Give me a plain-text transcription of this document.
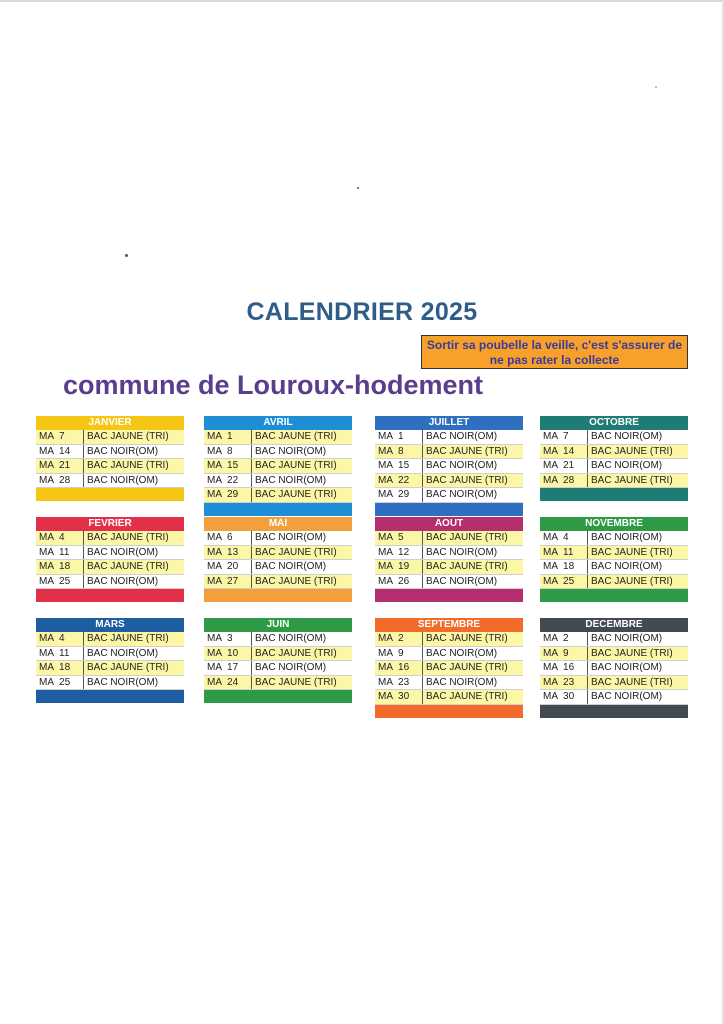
CALENDRIER 2025
Sortir sa poubelle la veille, c'est s'assurer de ne pas rater la collecte
commune de Louroux-hodement
JANVIER
MA  7	BAC JAUNE (TRI)
MA  14	BAC NOIR(OM)
MA  21	BAC JAUNE (TRI)
MA  28	BAC NOIR(OM)
AVRIL
MA  1	BAC JAUNE (TRI)
MA  8	BAC NOIR(OM)
MA  15	BAC JAUNE (TRI)
MA  22	BAC NOIR(OM)
MA  29	BAC JAUNE (TRI)
JUILLET
MA  1	BAC NOIR(OM)
MA  8	BAC JAUNE (TRI)
MA  15	BAC NOIR(OM)
MA  22	BAC JAUNE (TRI)
MA  29	BAC NOIR(OM)
OCTOBRE
MA  7	BAC NOIR(OM)
MA  14	BAC JAUNE (TRI)
MA  21	BAC NOIR(OM)
MA  28	BAC JAUNE (TRI)
FEVRIER
MA  4	BAC JAUNE (TRI)
MA  11	BAC NOIR(OM)
MA  18	BAC JAUNE (TRI)
MA  25	BAC NOIR(OM)
MAI
MA  6	BAC NOIR(OM)
MA  13	BAC JAUNE (TRI)
MA  20	BAC NOIR(OM)
MA  27	BAC JAUNE (TRI)
AOUT
MA  5	BAC JAUNE (TRI)
MA  12	BAC NOIR(OM)
MA  19	BAC JAUNE (TRI)
MA  26	BAC NOIR(OM)
NOVEMBRE
MA  4	BAC NOIR(OM)
MA  11	BAC JAUNE (TRI)
MA  18	BAC NOIR(OM)
MA  25	BAC JAUNE (TRI)
MARS
MA  4	BAC JAUNE (TRI)
MA  11	BAC NOIR(OM)
MA  18	BAC JAUNE (TRI)
MA  25	BAC NOIR(OM)
JUIN
MA  3	BAC NOIR(OM)
MA  10	BAC JAUNE (TRI)
MA  17	BAC NOIR(OM)
MA  24	BAC JAUNE (TRI)
SEPTEMBRE
MA  2	BAC JAUNE (TRI)
MA  9	BAC NOIR(OM)
MA  16	BAC JAUNE (TRI)
MA  23	BAC NOIR(OM)
MA  30	BAC JAUNE (TRI)
DECEMBRE
MA  2	BAC NOIR(OM)
MA  9	BAC JAUNE (TRI)
MA  16	BAC NOIR(OM)
MA  23	BAC JAUNE (TRI)
MA  30	BAC NOIR(OM)
